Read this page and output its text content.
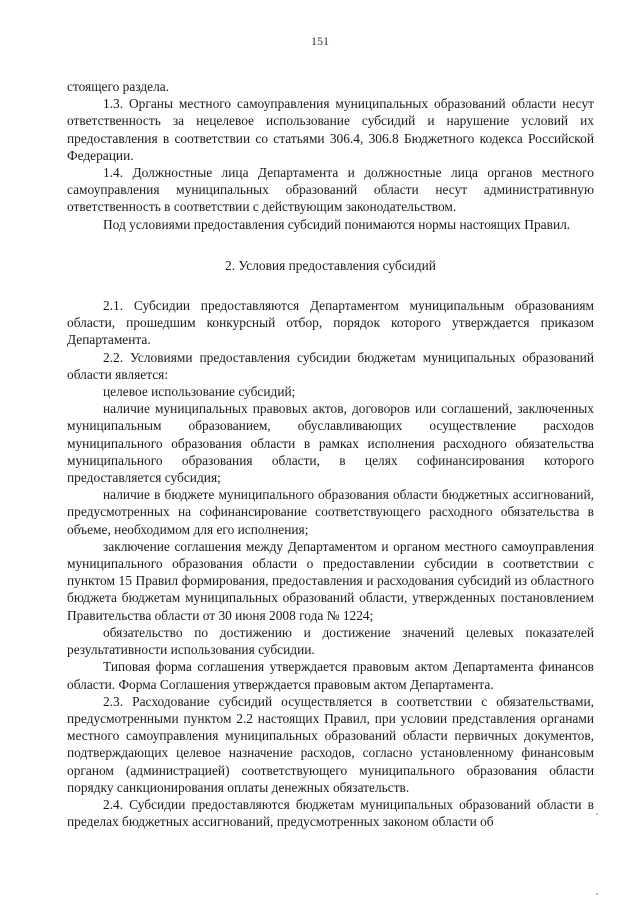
151

стоящего раздела.

1.3. Органы местного самоуправления муниципальных образований области несут ответственность за нецелевое использование субсидий и нарушение условий их предоставления в соответствии со статьями 306.4, 306.8 Бюджетного кодекса Российской Федерации.

1.4. Должностные лица Департамента и должностные лица органов местного самоуправления муниципальных образований области несут административную ответственность в соответствии с действующим законодательством.

Под условиями предоставления субсидий понимаются нормы настоящих Правил.

2. Условия предоставления субсидий

2.1. Субсидии предоставляются Департаментом муниципальным образованиям области, прошедшим конкурсный отбор, порядок которого утверждается приказом Департамента.

2.2. Условиями предоставления субсидии бюджетам муниципальных образований области является:

целевое использование субсидий;

наличие муниципальных правовых актов, договоров или соглашений, заключенных муниципальным образованием, обуславливающих осуществление расходов муниципального образования области в рамках исполнения расходного обязательства муниципального образования области, в целях софинансирования которого предоставляется субсидия;

наличие в бюджете муниципального образования области бюджетных ассигнований, предусмотренных на софинансирование соответствующего расходного обязательства в объеме, необходимом для его исполнения;

заключение соглашения между Департаментом и органом местного самоуправления муниципального образования области о предоставлении субсидии в соответствии с пунктом 15 Правил формирования, предоставления и расходования субсидий из областного бюджета бюджетам муниципальных образований области, утвержденных постановлением Правительства области от 30 июня 2008 года № 1224;

обязательство по достижению и достижение значений целевых показателей результативности использования субсидии.

Типовая форма соглашения утверждается правовым актом Департамента финансов области. Форма Соглашения утверждается правовым актом Департамента.

2.3. Расходование субсидий осуществляется в соответствии с обязательствами, предусмотренными пунктом 2.2 настоящих Правил, при условии представления органами местного самоуправления муниципальных образований области первичных документов, подтверждающих целевое назначение расходов, согласно установленному финансовым органом (администрацией) соответствующего муниципального образования области порядку санкционирования оплаты денежных обязательств.

2.4. Субсидии предоставляются бюджетам муниципальных образований области в пределах бюджетных ассигнований, предусмотренных законом области об
